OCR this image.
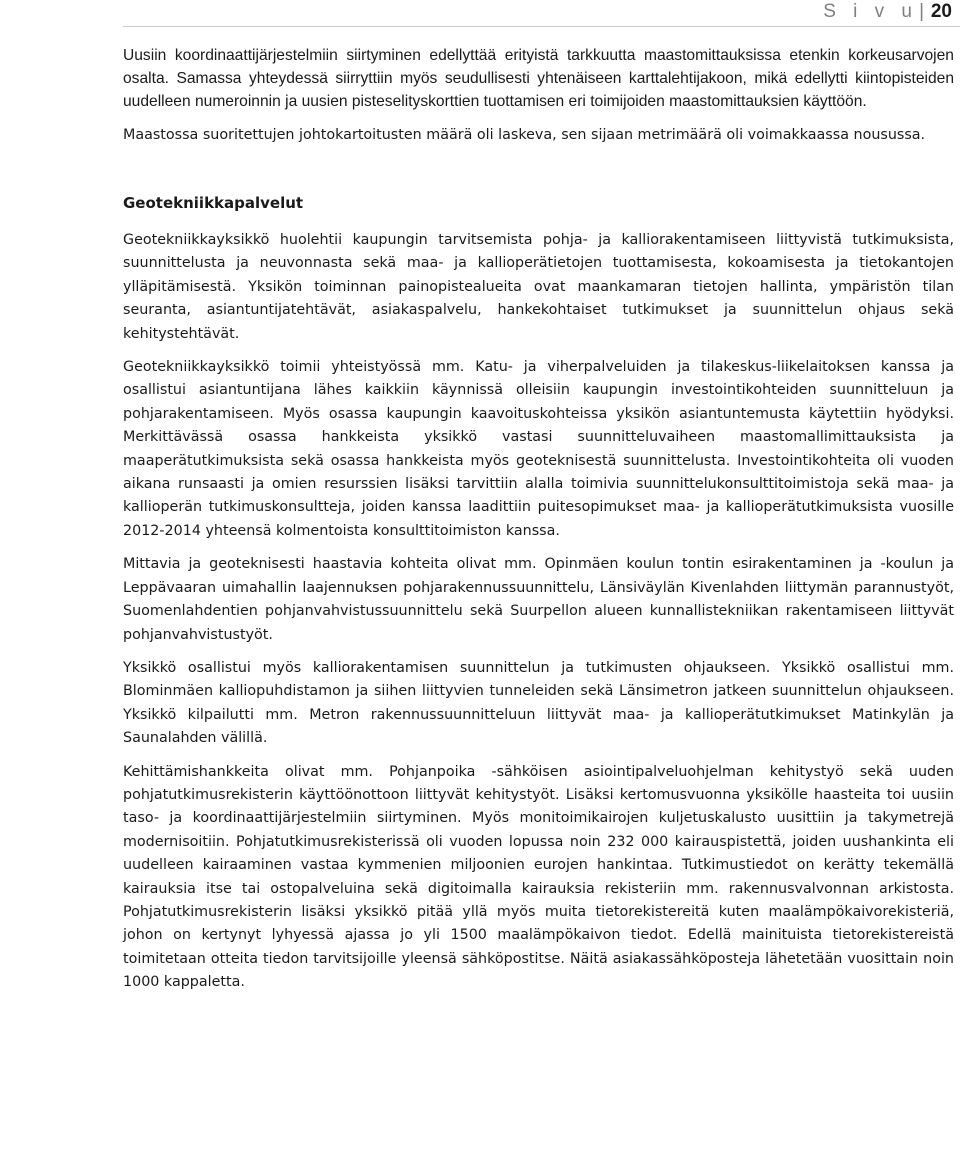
S i v u | 20

Uusiin koordinaattijärjestelmiin siirtyminen edellyttää erityistä tarkkuutta maastomittauksissa etenkin korkeusarvojen osalta. Samassa yhteydessä siirryttiin myös seudullisesti yhtenäiseen karttalehtijakoon, mikä edellytti kiintopisteiden uudelleen numeroinnin ja uusien pisteselityskorttien tuottamisen eri toimijoiden maastomittauksien käyttöön.

Maastossa suoritettujen johtokartoitusten määrä oli laskeva, sen sijaan metrimäärä oli voimakkaassa nousussa.

Geotekniikkapalvelut

Geotekniikkayksikkö huolehtii kaupungin tarvitsemista pohja- ja kalliorakentamiseen liittyvistä tutkimuksista, suunnittelusta ja neuvonnasta sekä maa- ja kallioperätietojen tuottamisesta, kokoamisesta ja tietokantojen ylläpitämisestä. Yksikön toiminnan painopistealueita ovat maankamaran tietojen hallinta, ympäristön tilan seuranta, asiantuntijatehtävät, asiakaspalvelu, hankekohtaiset tutkimukset ja suunnittelun ohjaus sekä kehitystehtävät.

Geotekniikkayksikkö toimii yhteistyössä mm. Katu- ja viherpalveluiden ja tilakeskus-liikelaitoksen kanssa ja osallistui asiantuntijana lähes kaikkiin käynnissä olleisiin kaupungin investointikohteiden suunnitteluun ja pohjarakentamiseen. Myös osassa kaupungin kaavoituskohteissa yksikön asiantuntemusta käytettiin hyödyksi. Merkittävässä osassa hankkeista yksikkö vastasi suunnitteluvaiheen maastomallimittauksista ja maaperätutkimuksista sekä osassa hankkeista myös geoteknisestä suunnittelusta. Investointikohteita oli vuoden aikana runsaasti ja omien resurssien lisäksi tarvittiin alalla toimivia suunnittelukonsulttitoimistoja sekä maa- ja kallioperän tutkimuskonsultteja, joiden kanssa laadittiin puitesopimukset maa- ja kallioperätutkimuksista vuosille 2012-2014 yhteensä kolmentoista konsulttitoimiston kanssa.

Mittavia ja geoteknisesti haastavia kohteita olivat mm. Opinmäen koulun tontin esirakentaminen ja -koulun ja Leppävaaran uimahallin laajennuksen pohjarakennussuunnittelu, Länsiväylän Kivenlahden liittymän parannustyöt, Suomenlahdentien pohjanvahvistussuunnittelu sekä Suurpellon alueen kunnallistekniikan rakentamiseen liittyvät pohjanvahvistustyöt.

Yksikkö osallistui myös kalliorakentamisen suunnittelun ja tutkimusten ohjaukseen. Yksikkö osallistui mm. Blominmäen kalliopuhdistamon ja siihen liittyvien tunneleiden sekä Länsimetron jatkeen suunnittelun ohjaukseen. Yksikkö kilpailutti mm. Metron rakennussuunnitteluun liittyvät maa- ja kallioperätutkimukset Matinkylän ja Saunalahden välillä.

Kehittämishankkeita olivat mm. Pohjanpoika -sähköisen asiointipalveluohjelman kehitystyö sekä uuden pohjatutkimusrekisterin käyttöönottoon liittyvät kehitystyöt. Lisäksi kertomusvuonna yksikölle haasteita toi uusiin taso- ja koordinaattijärjestelmiin siirtyminen. Myös monitoimikairojen kuljetuskalusto uusittiin ja takymetrejä modernisoitiin. Pohjatutkimusrekisterissä oli vuoden lopussa noin 232 000 kairauspistettä, joiden uushankinta eli uudelleen kairaaminen vastaa kymmenien miljoonien eurojen hankintaa. Tutkimustiedot on kerätty tekemällä kairauksia itse tai ostopalveluina sekä digitoimalla kairauksia rekisteriin mm. rakennusvalvonnan arkistosta. Pohjatutkimusrekisterin lisäksi yksikkö pitää yllä myös muita tietorekistereitä kuten maalämpökaivorekisteriä, johon on kertynyt lyhyessä ajassa jo yli 1500 maalämpökaivon tiedot. Edellä mainituista tietorekistereistä toimitetaan otteita tiedon tarvitsijoille yleensä sähköpostitse. Näitä asiakassähköposteja lähetetään vuosittain noin 1000 kappaletta.
